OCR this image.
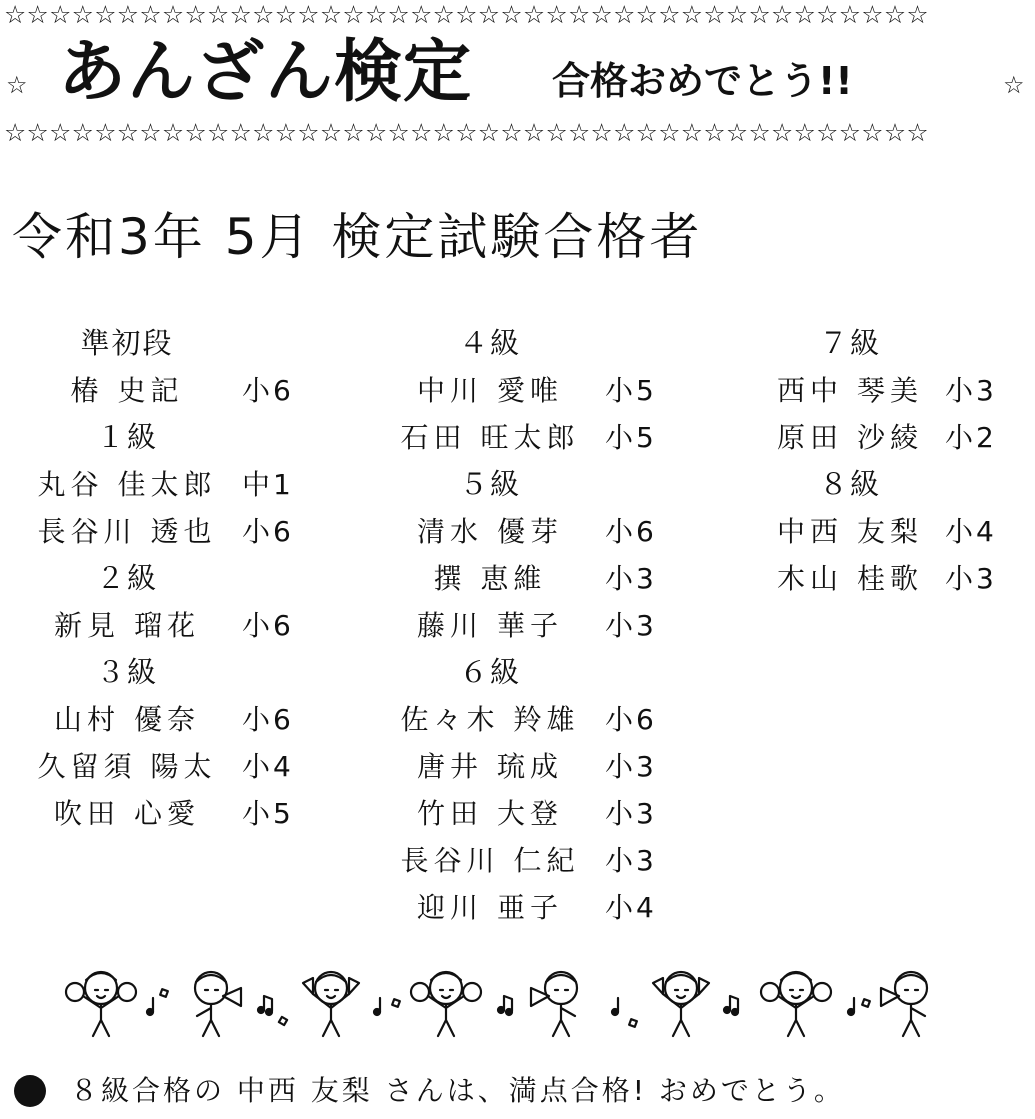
☆☆☆☆☆☆☆☆☆☆☆☆☆☆☆☆☆☆☆☆☆☆☆☆☆☆☆☆☆☆☆☆☆☆☆☆☆☆☆☆☆
☆ あんざん検定 合格おめでとう!!	☆
☆☆☆☆☆☆☆☆☆☆☆☆☆☆☆☆☆☆☆☆☆☆☆☆☆☆☆☆☆☆☆☆☆☆☆☆☆☆☆☆☆
令和3年 5月 検定試験合格者
準初段
椿 史記	小6
１級
丸谷 佳太郎 中1
長谷川 透也 小6
２級
新見 瑠花	小6
３級
山村 優奈	小6
久留須 陽太 小4
吹田 心愛	小5
４級
中川 愛唯	小5
石田 旺太郎 小5
５級
清水 優芽	小6
撰 恵維	小3
藤川 華子	小3
６級
佐々木 羚雄 小6
唐井 琉成	小3
竹田 大登	小3
長谷川 仁紀 小3
迎川 亜子	小4
７級
西中 琴美 小3
原田 沙綾 小2
８級
中西 友梨 小4
木山 桂歌 小3
８級合格の 中西 友梨 さんは、満点合格! おめでとう。
